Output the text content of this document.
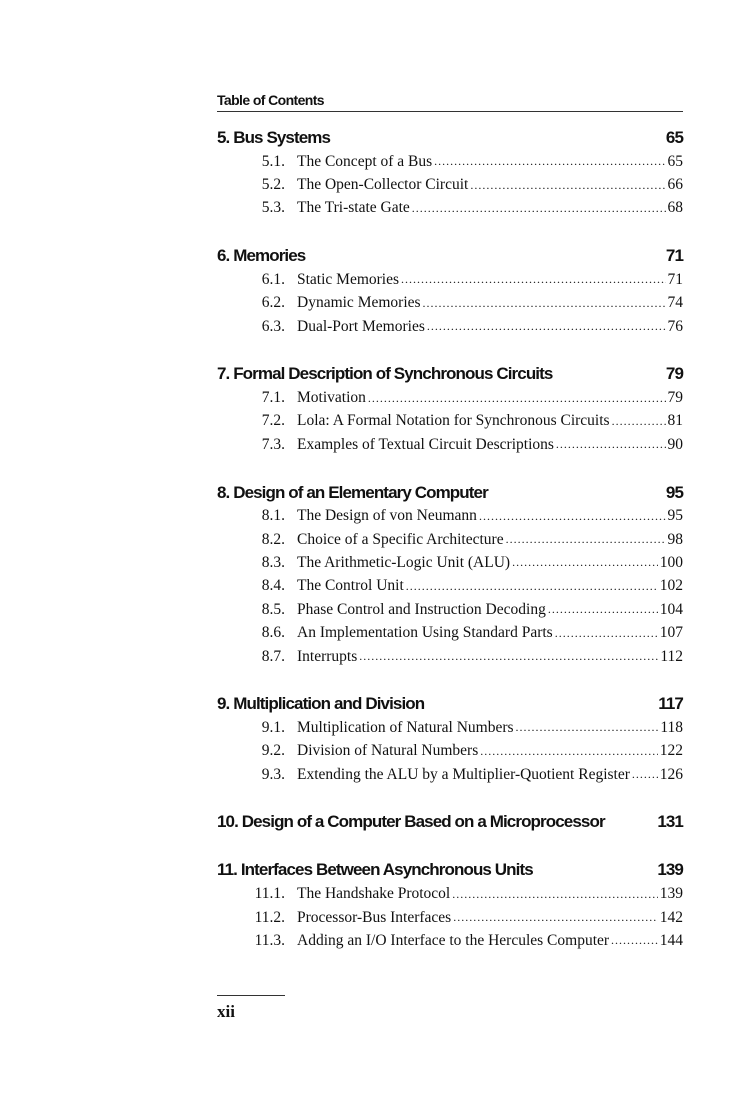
Table of Contents
5. Bus Systems	65
5.1. The Concept of a Bus .....	65
5.2. The Open-Collector Circuit .....	66
5.3. The Tri-state Gate .....	68
6. Memories	71
6.1. Static Memories .....	71
6.2. Dynamic Memories .....	74
6.3. Dual-Port Memories .....	76
7. Formal Description of Synchronous Circuits	79
7.1. Motivation .....	79
7.2. Lola: A Formal Notation for Synchronous Circuits .....	81
7.3. Examples of Textual Circuit Descriptions .....	90
8. Design of an Elementary Computer	95
8.1. The Design of von Neumann .....	95
8.2. Choice of a Specific Architecture .....	98
8.3. The Arithmetic-Logic Unit (ALU) .....	100
8.4. The Control Unit .....	102
8.5. Phase Control and Instruction Decoding .....	104
8.6. An Implementation Using Standard Parts .....	107
8.7. Interrupts .....	112
9. Multiplication and Division	117
9.1. Multiplication of Natural Numbers .....	118
9.2. Division of Natural Numbers .....	122
9.3. Extending the ALU by a Multiplier-Quotient Register ..... 126
10. Design of a Computer Based on a Microprocessor	131
11. Interfaces Between Asynchronous Units	139
11.1. The Handshake Protocol .....	139
11.2. Processor-Bus Interfaces .....	142
11.3. Adding an I/O Interface to the Hercules Computer .....	144
xii
